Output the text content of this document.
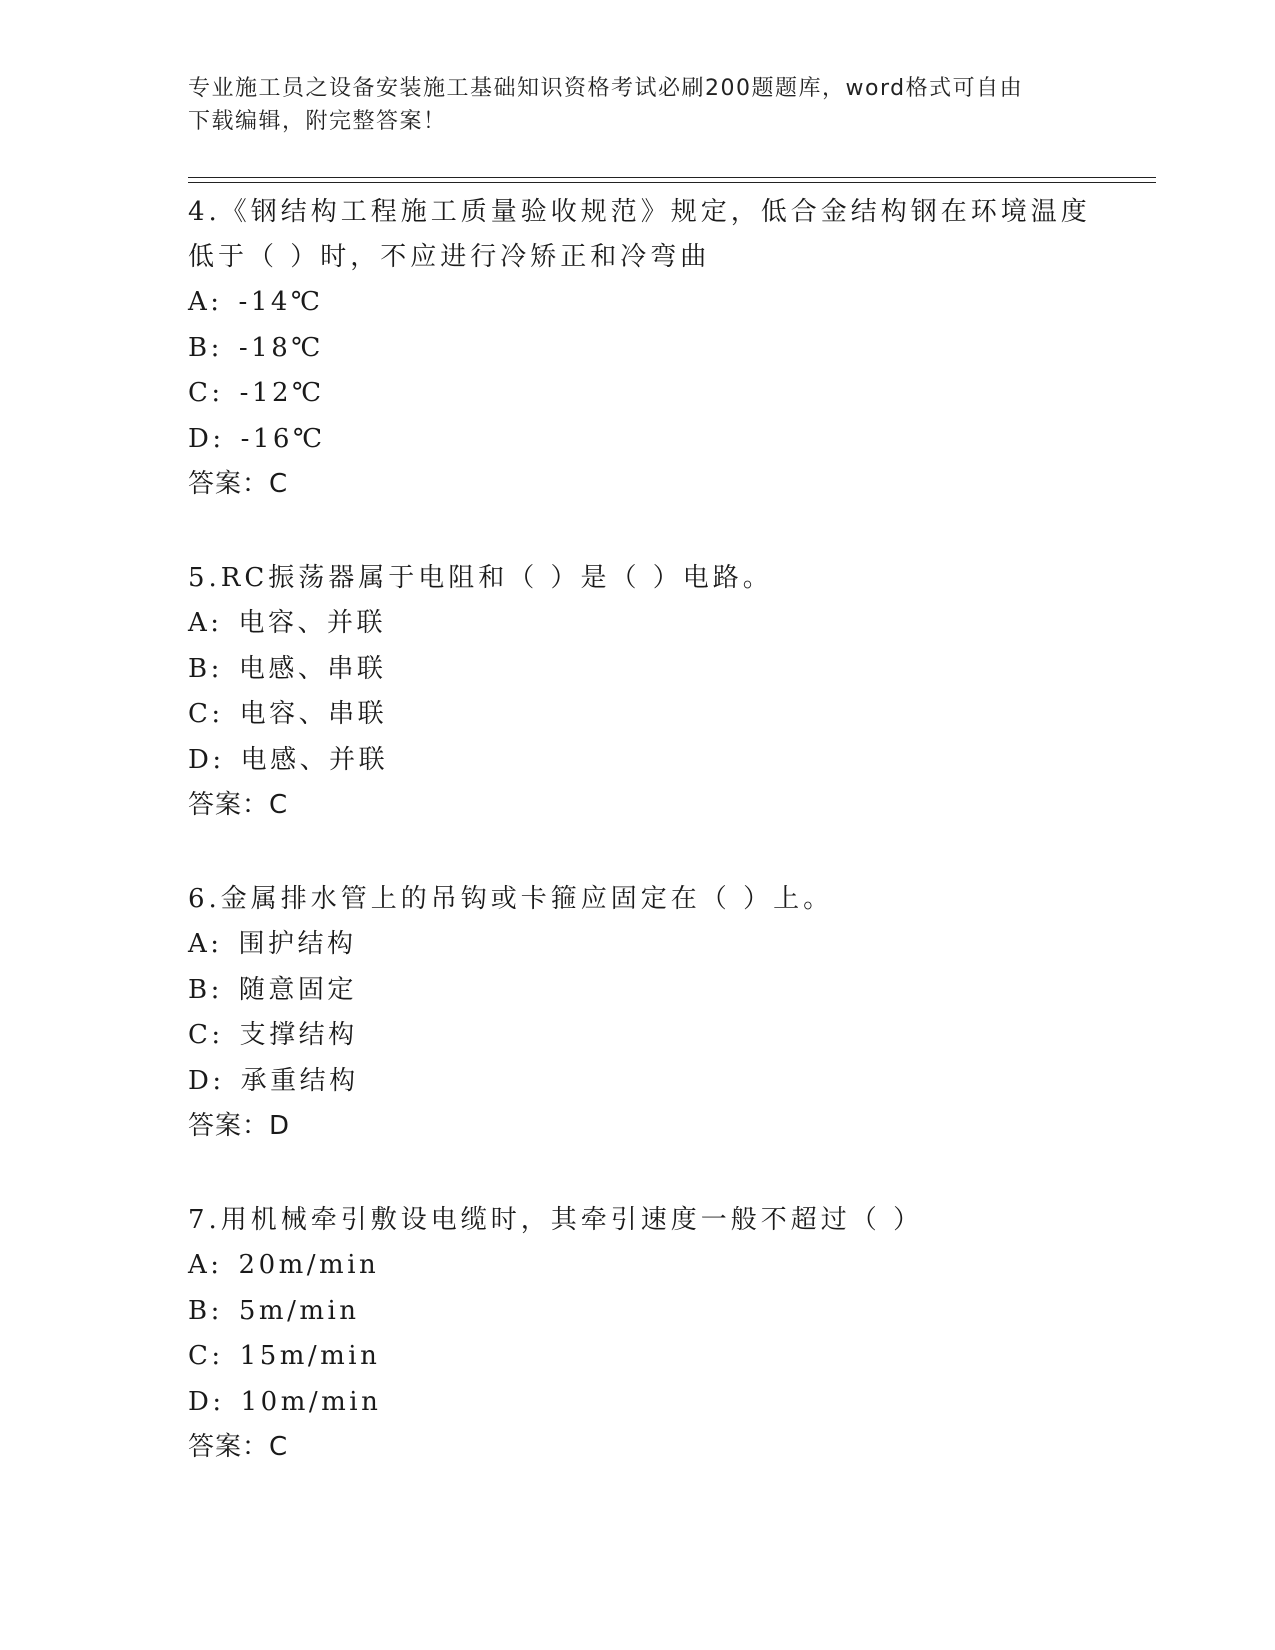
专业施工员之设备安装施工基础知识资格考试必刷200题题库，word格式可自由
下载编辑，附完整答案！
4.《钢结构工程施工质量验收规范》规定，低合金结构钢在环境温度
低于（ ）时，不应进行冷矫正和冷弯曲
A: -14℃
B: -18℃
C: -12℃
D: -16℃
答案：C
5.RC振荡器属于电阻和（ ）是（ ）电路。
A: 电容、并联
B: 电感、串联
C: 电容、串联
D: 电感、并联
答案：C
6.金属排水管上的吊钩或卡箍应固定在（ ）上。
A: 围护结构
B: 随意固定
C: 支撑结构
D: 承重结构
答案：D
7.用机械牵引敷设电缆时，其牵引速度一般不超过（ ）
A: 20m/min
B: 5m/min
C: 15m/min
D: 10m/min
答案：C
